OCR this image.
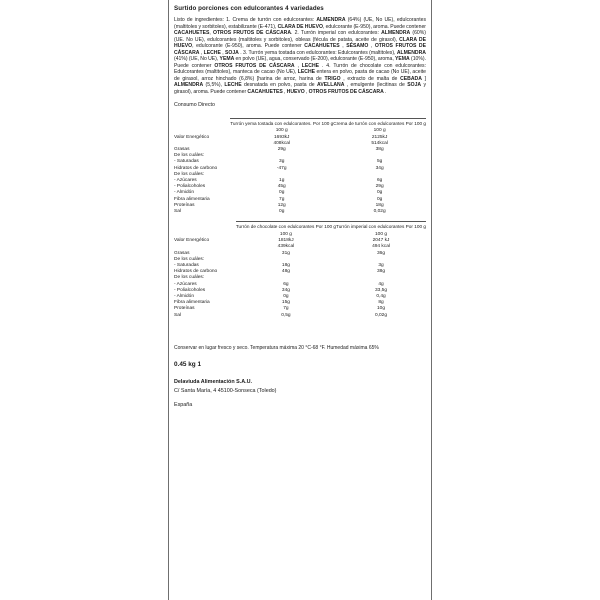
Surtido porciones con edulcorantes 4 variedades
Listo de ingredientes: 1. Crema de turrón con edulcorantes: ALMENDRA (64%) (UE, No UE), edulcorantes (maltitoles y sorbitoles), estabilizante (E-471), CLARA DE HUEVO, edulcorante (E-950), aroma. Puede contener CACAHUETES, OTROS FRUTOS DE CÁSCARA. 2. Turrón imperial con edulcorantes: ALMENDRA (60%) (UE. No UE), edulcorantes (maltitoles y sorbitoles), obleas (fécula de patata, aceite de girasol), CLARA DE HUEVO, edulcorante (E-950), aroma. Puede contener CACAHUETES , SÉSAMO , OTROS FRUTOS DE CÁSCARA , LECHE , SOJA . 3. Turrón yema tostada con edulcorantes: Edulcorantes (maltitoles), ALMENDRA (41%) (UE, No UE), YEMA en polvo (UE), agua, conservado (E-200), edulcorante (E-950), aroma, YEMA (10%). Puede contener OTROS FRUTOS DE CÁSCARA , LECHE . 4. Turrón de chocolate con edulcorantes: Edulcorantes (maltitoles), manteca de cacao (No UE), LECHE entera en polvo, pasta de cacao (No UE), aceite de girasol, arroz hinchado (6,8%) [harina de arroz, harina de TRIGO , extracto de malta de CEBADA ] ALMENDRA (5,5%), LECHE desnatada en polvo, pasta de AVELLANA , emulgente (lecitinas de SOJA y girasol), aroma. Puede contener CACAHUETES , HUEVO , OTROS FRUTOS DE CÁSCARA .
Consumo Directo

	Turrón yema tostada con edulcorantes. Por 100 g	Crema de turrón con edulcorantes Por 100 g

	100 g	100 g
Valor Energético	1693kJ	2125kJ
	408kcal	514kcal
Grasas	29g	38g
De los cuáles:		
- Saturadas	3g	5g
Hidratos de carbono	-47g	34g
De los cuáles:		
- Azúcares	1g	6g
- Polialcoholes	45g	29g
- Almidón	0g	0g
Fibra alimentaria	7g	0g
Proteínas	12g	18g
Sal	0g	0,02g

	Turrón de chocolate con edulcorantes Por 100 g	Turrón imperial con edulcorantes Por 100 g

	100 g	100 g
Valor Energético	1818kJ	2047 kJ
	439kcal	494 kcal
Grasas	31g	36g
De los cuáles:		
- Saturadas	18g	3g
Hidratos de carbono	48g	38g
De los cuáles:		
- Azúcares	6g	4g
- Polialcoholes	34g	33,5g
- Almidón	0g	0,4g
Fibra alimentaria	15g	8g
Proteínas	7g	10g
Sal	0,5g	0,02g
Conservar en lugar fresco y seco. Temperatura máxima 20 °C-68 °F. Humedad máxima 65%
0.45 kg 1
Delaviuda Alimentación S.A.U.
C/ Santa María, 4 45100-Sonseca (Toledo)
España
